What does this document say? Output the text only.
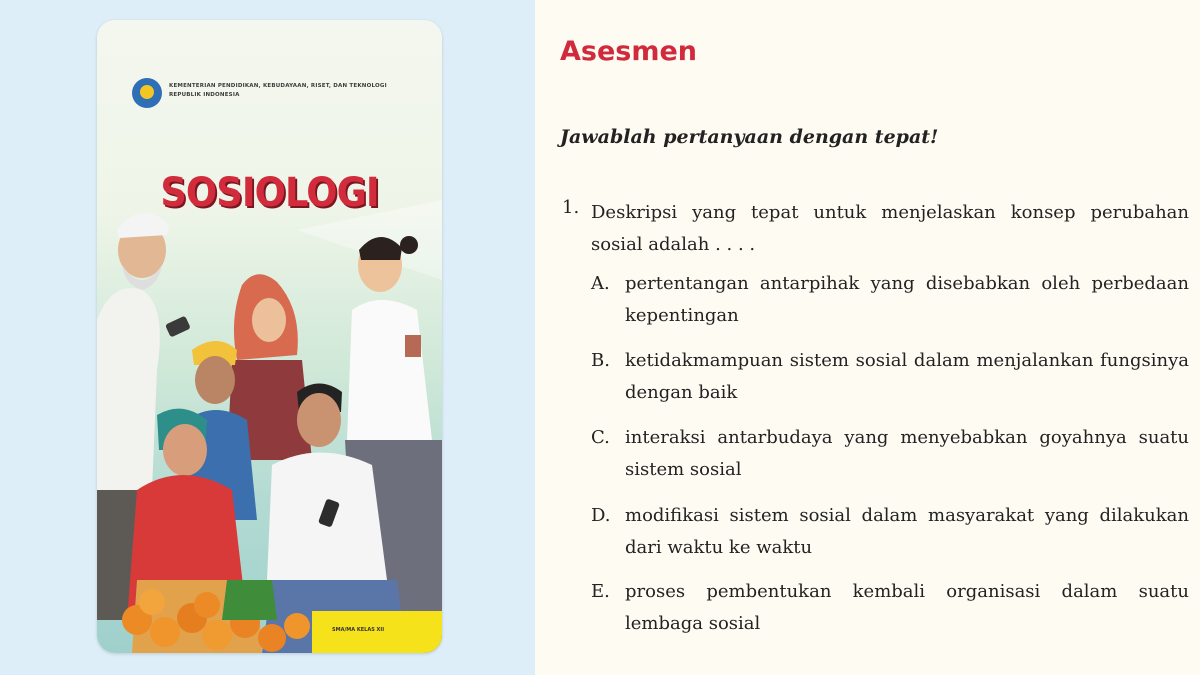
KEMENTERIAN PENDIDIKAN, KEBUDAYAAN, RISET, DAN TEKNOLOGI
REPUBLIK INDONESIA
SOSIOLOGI
SMA/MA KELAS XII
Asesmen
Jawablah pertanyaan dengan tepat!
1. Deskripsi yang tepat untuk menjelaskan konsep perubahan sosial adalah . . . .
A. pertentangan antarpihak yang disebabkan oleh perbedaan kepentingan
B. ketidakmampuan sistem sosial dalam menjalankan fungsinya dengan baik
C. interaksi antarbudaya yang menyebabkan goyahnya suatu sistem sosial
D. modifikasi sistem sosial dalam masyarakat yang dilakukan dari waktu ke waktu
E. proses pembentukan kembali organisasi dalam suatu lembaga sosial
